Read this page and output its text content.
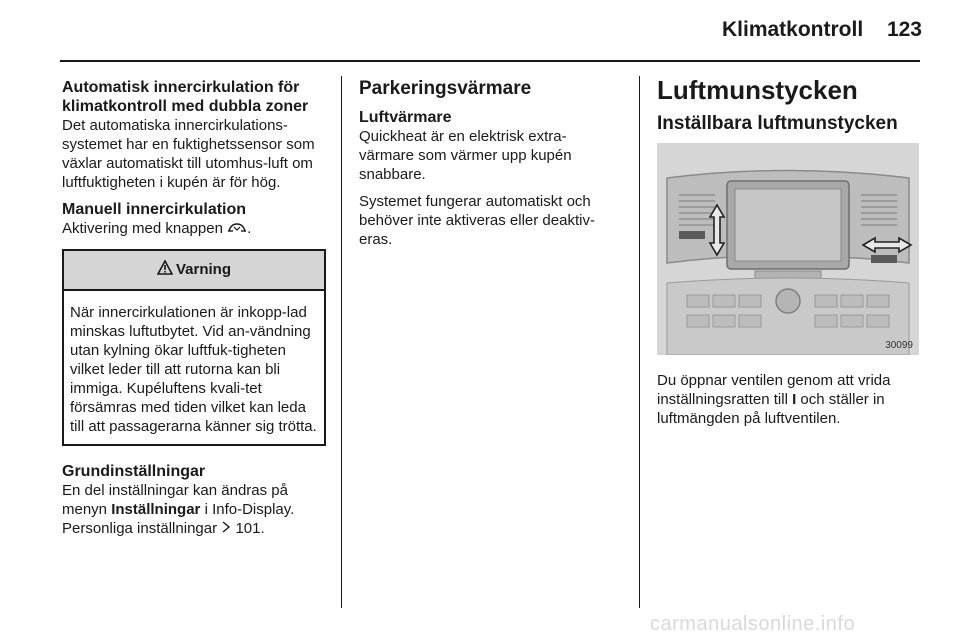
Klimatkontroll	123

Automatisk innercirkulation för klimatkontroll med dubbla zoner

Det automatiska innercirkulations-systemet har en fuktighetssensor som växlar automatiskt till utomhus-luft om luftfuktigheten i kupén är för hög.

Manuell innercirkulation

Aktivering med knappen .

Varning
När innercirkulationen är inkopp-lad minskas luftutbytet. Vid an-vändning utan kylning ökar luftfuk-tigheten vilket leder till att rutorna kan bli immiga. Kupéluftens kvali-tet försämras med tiden vilket kan leda till att passagerarna känner sig trötta.

Grundinställningar

En del inställningar kan ändras på menyn Inställningar i Info-Display. Personliga inställningar 101.

Parkeringsvärmare

Luftvärmare

Quickheat är en elektrisk extra-värmare som värmer upp kupén snabbare.

Systemet fungerar automatiskt och behöver inte aktiveras eller deaktiv-eras.

Luftmunstycken

Inställbara luftmunstycken

30099

Du öppnar ventilen genom att vrida inställningsratten till I och ställer in luftmängden på luftventilen.

carmanualsonline.info
